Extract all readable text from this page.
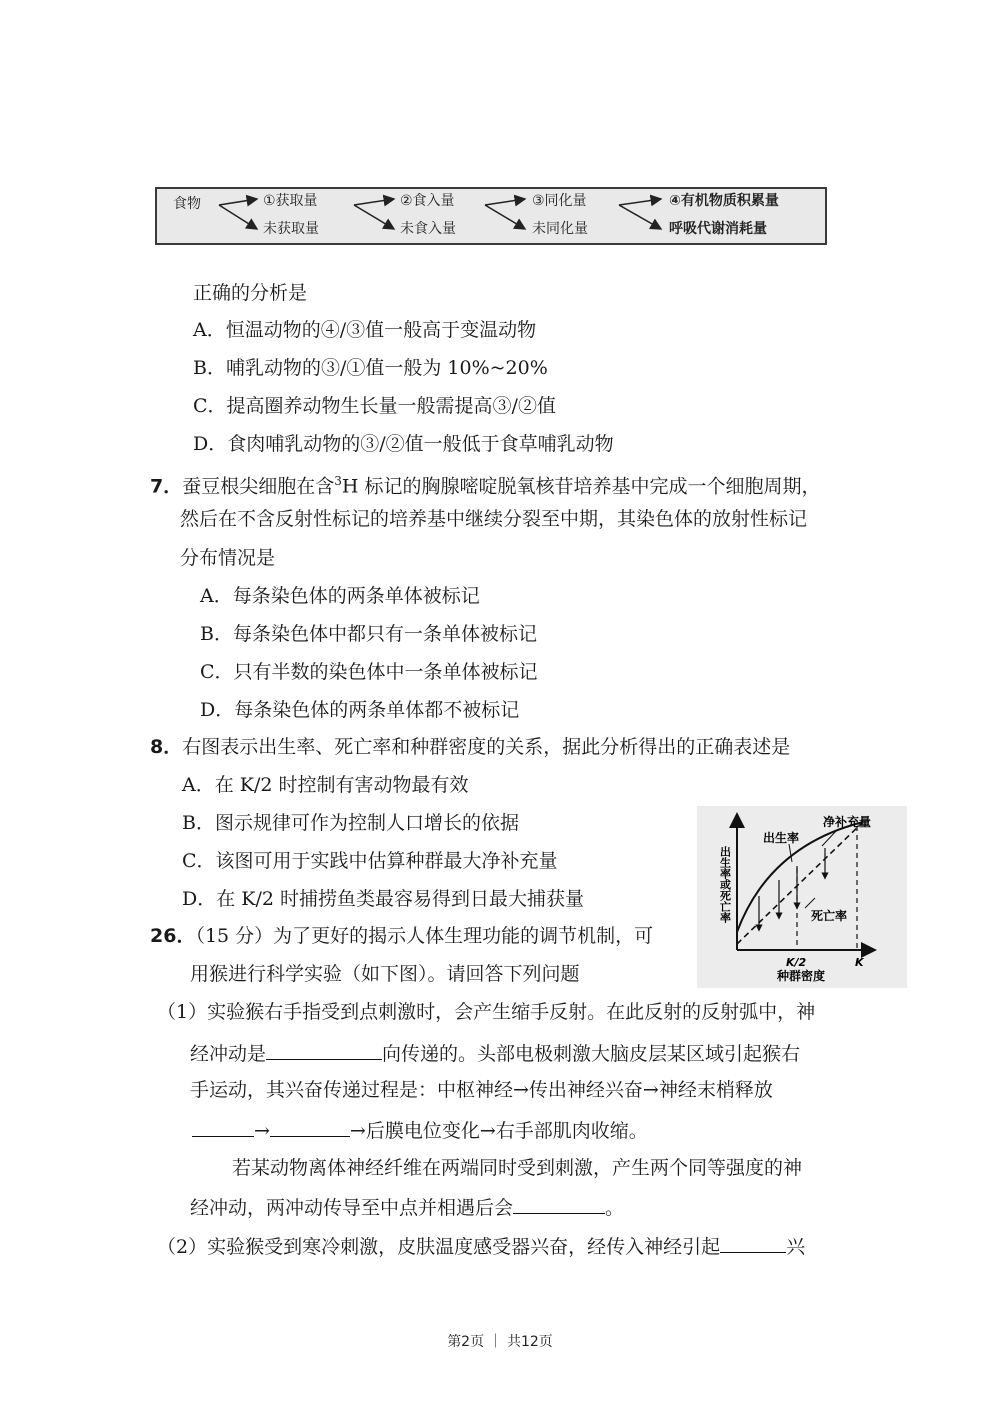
食物	①获取量
未获取量
②食入量
未食入量
③同化量
未同化量
④有机物质积累量
呼吸代谢消耗量
正确的分析是
A．恒温动物的④/③值一般高于变温动物
B．哺乳动物的③/①值一般为 10%~20%
C．提高圈养动物生长量一般需提高③/②值
D．食肉哺乳动物的③/②值一般低于食草哺乳动物
7．蚕豆根尖细胞在含$^3$H 标记的胸腺嘧啶脱氧核苷培养基中完成一个细胞周期，
然后在不含反射性标记的培养基中继续分裂至中期，其染色体的放射性标记
分布情况是
A．每条染色体的两条单体被标记
B．每条染色体中都只有一条单体被标记
C．只有半数的染色体中一条单体被标记
D．每条染色体的两条单体都不被标记
8．右图表示出生率、死亡率和种群密度的关系，据此分析得出的正确表述是
A．在 K/2 时控制有害动物最有效
B．图示规律可作为控制人口增长的依据
C．该图可用于实践中估算种群最大净补充量
D．在 K/2 时捕捞鱼类最容易得到日最大捕获量
净补充量
出生率
死亡率
出生率或死亡率
K/2	K
种群密度
26．（15 分）为了更好的揭示人体生理功能的调节机制，可
用猴进行科学实验（如下图）。请回答下列问题
（1）实验猴右手指受到点刺激时，会产生缩手反射。在此反射的反射弧中，神
经冲动是	向传递的。头部电极刺激大脑皮层某区域引起猴右
手运动，其兴奋传递过程是：中枢神经→传出神经兴奋→神经末梢释放
→	→后膜电位变化→右手部肌肉收缩。
若某动物离体神经纤维在两端同时受到刺激，产生两个同等强度的神
经冲动，两冲动传导至中点并相遇后会	。
（2）实验猴受到寒冷刺激，皮肤温度感受器兴奋，经传入神经引起	兴
第2页 ｜ 共12页
